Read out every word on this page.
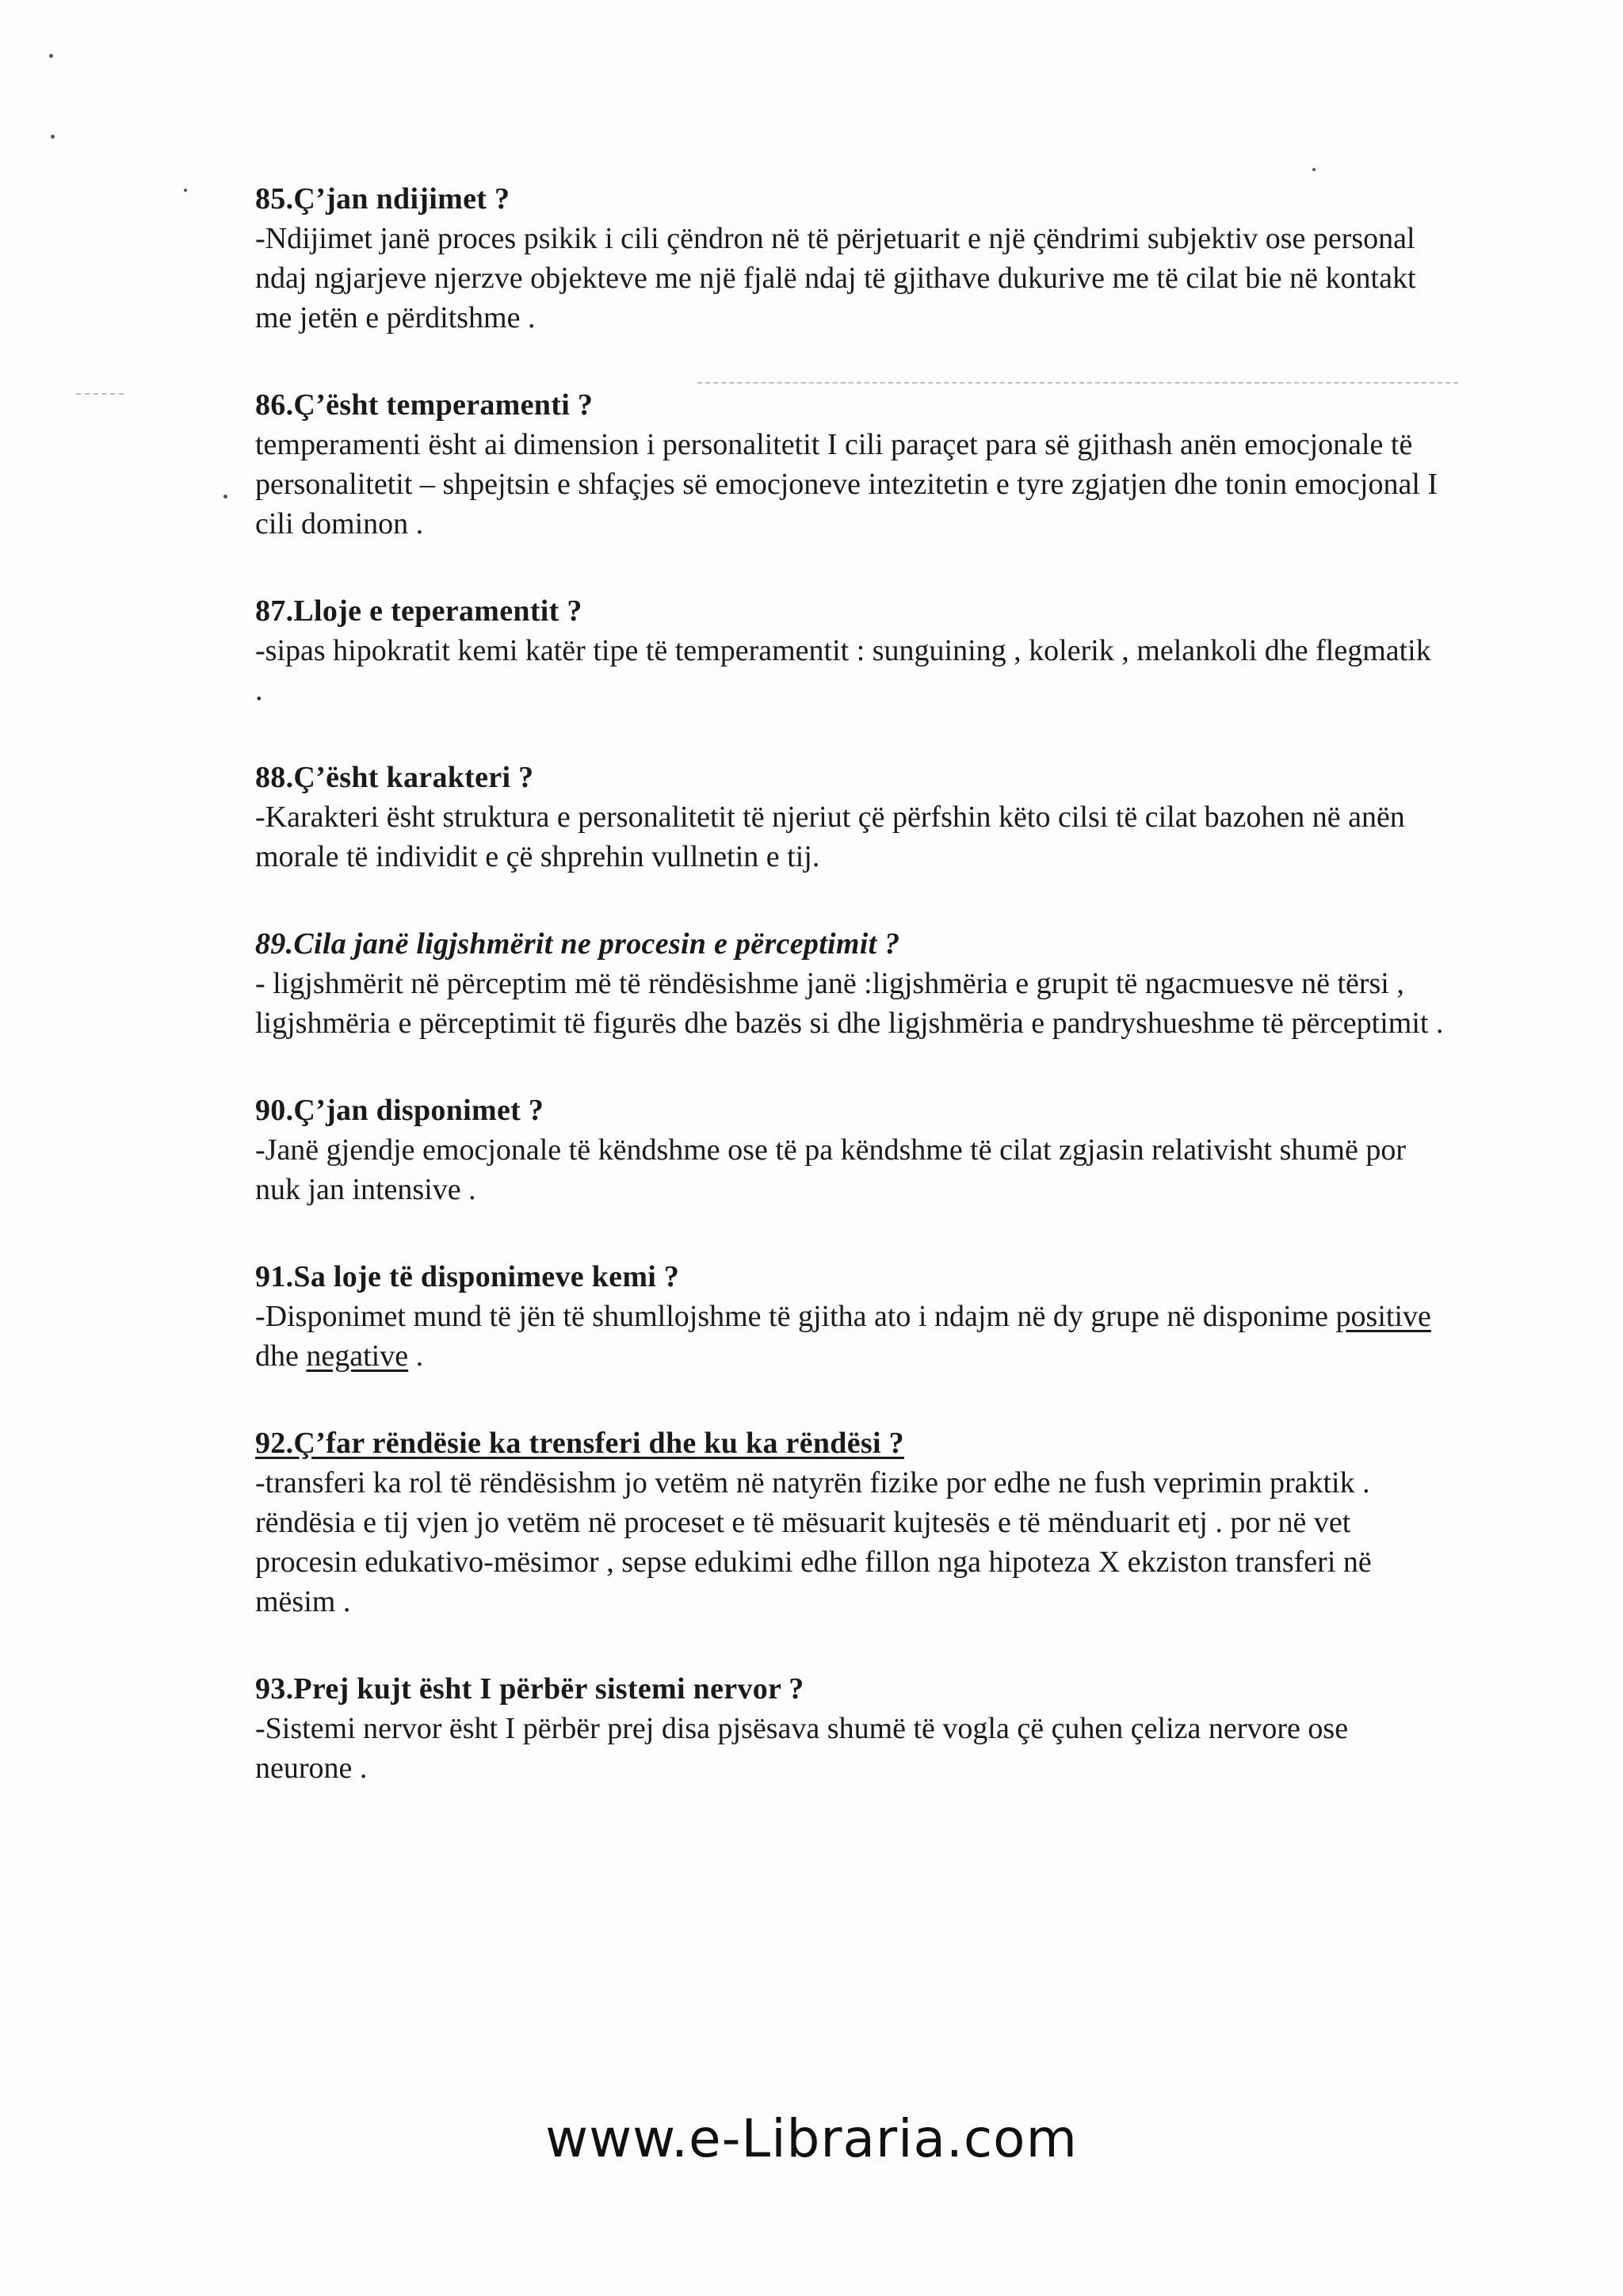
85.Ç’jan ndijimet ?
-Ndijimet janë proces psikik i cili çëndron në të përjetuarit e një çëndrimi subjektiv ose personal ndaj ngjarjeve njerzve objekteve me një fjalë ndaj të gjithave dukurive me të cilat bie në kontakt me jetën e përditshme .
86.Ç’ësht temperamenti ?
temperamenti ësht ai dimension i personalitetit I cili paraçet para së gjithash anën emocjonale të personalitetit – shpejtsin e shfaçjes së emocjoneve intezitetin e tyre zgjatjen dhe tonin emocjonal I cili dominon .
87.Lloje e teperamentit ?
-sipas hipokratit kemi katër tipe të temperamentit : sunguining , kolerik , melankoli dhe flegmatik .
88.Ç’ësht karakteri ?
-Karakteri ësht struktura e personalitetit të njeriut çë përfshin këto cilsi të cilat bazohen në anën morale të individit e çë shprehin vullnetin e tij.
89.Cila janë ligjshmërit ne procesin e përceptimit ?
- ligjshmërit në përceptim më të rëndësishme janë :ligjshmëria e grupit të ngacmuesve në tërsi , ligjshmëria e përceptimit të figurës dhe bazës si dhe ligjshmëria e pandryshueshme të përceptimit .
90.Ç’jan disponimet ?
-Janë gjendje emocjonale të këndshme ose të pa këndshme të cilat zgjasin relativisht shumë por nuk jan intensive .
91.Sa loje të disponimeve kemi ?
-Disponimet mund të jën të shumllojshme të gjitha ato i ndajm në dy grupe në disponime positive dhe negative .
92.Ç’far rëndësie ka trensferi dhe ku ka rëndësi ?
-transferi ka rol të rëndësishm jo vetëm në natyrën fizike por edhe ne fush veprimin praktik . rëndësia e tij vjen jo vetëm në proceset e të mësuarit kujtesës e të mënduarit etj . por në vet procesin edukativo-mësimor , sepse edukimi edhe fillon nga hipoteza X ekziston transferi në mësim .
93.Prej kujt ësht I përbër sistemi nervor ?
-Sistemi nervor ësht I përbër prej disa pjsësava shumë të vogla çë çuhen çeliza nervore ose neurone .
www.e-Libraria.com
